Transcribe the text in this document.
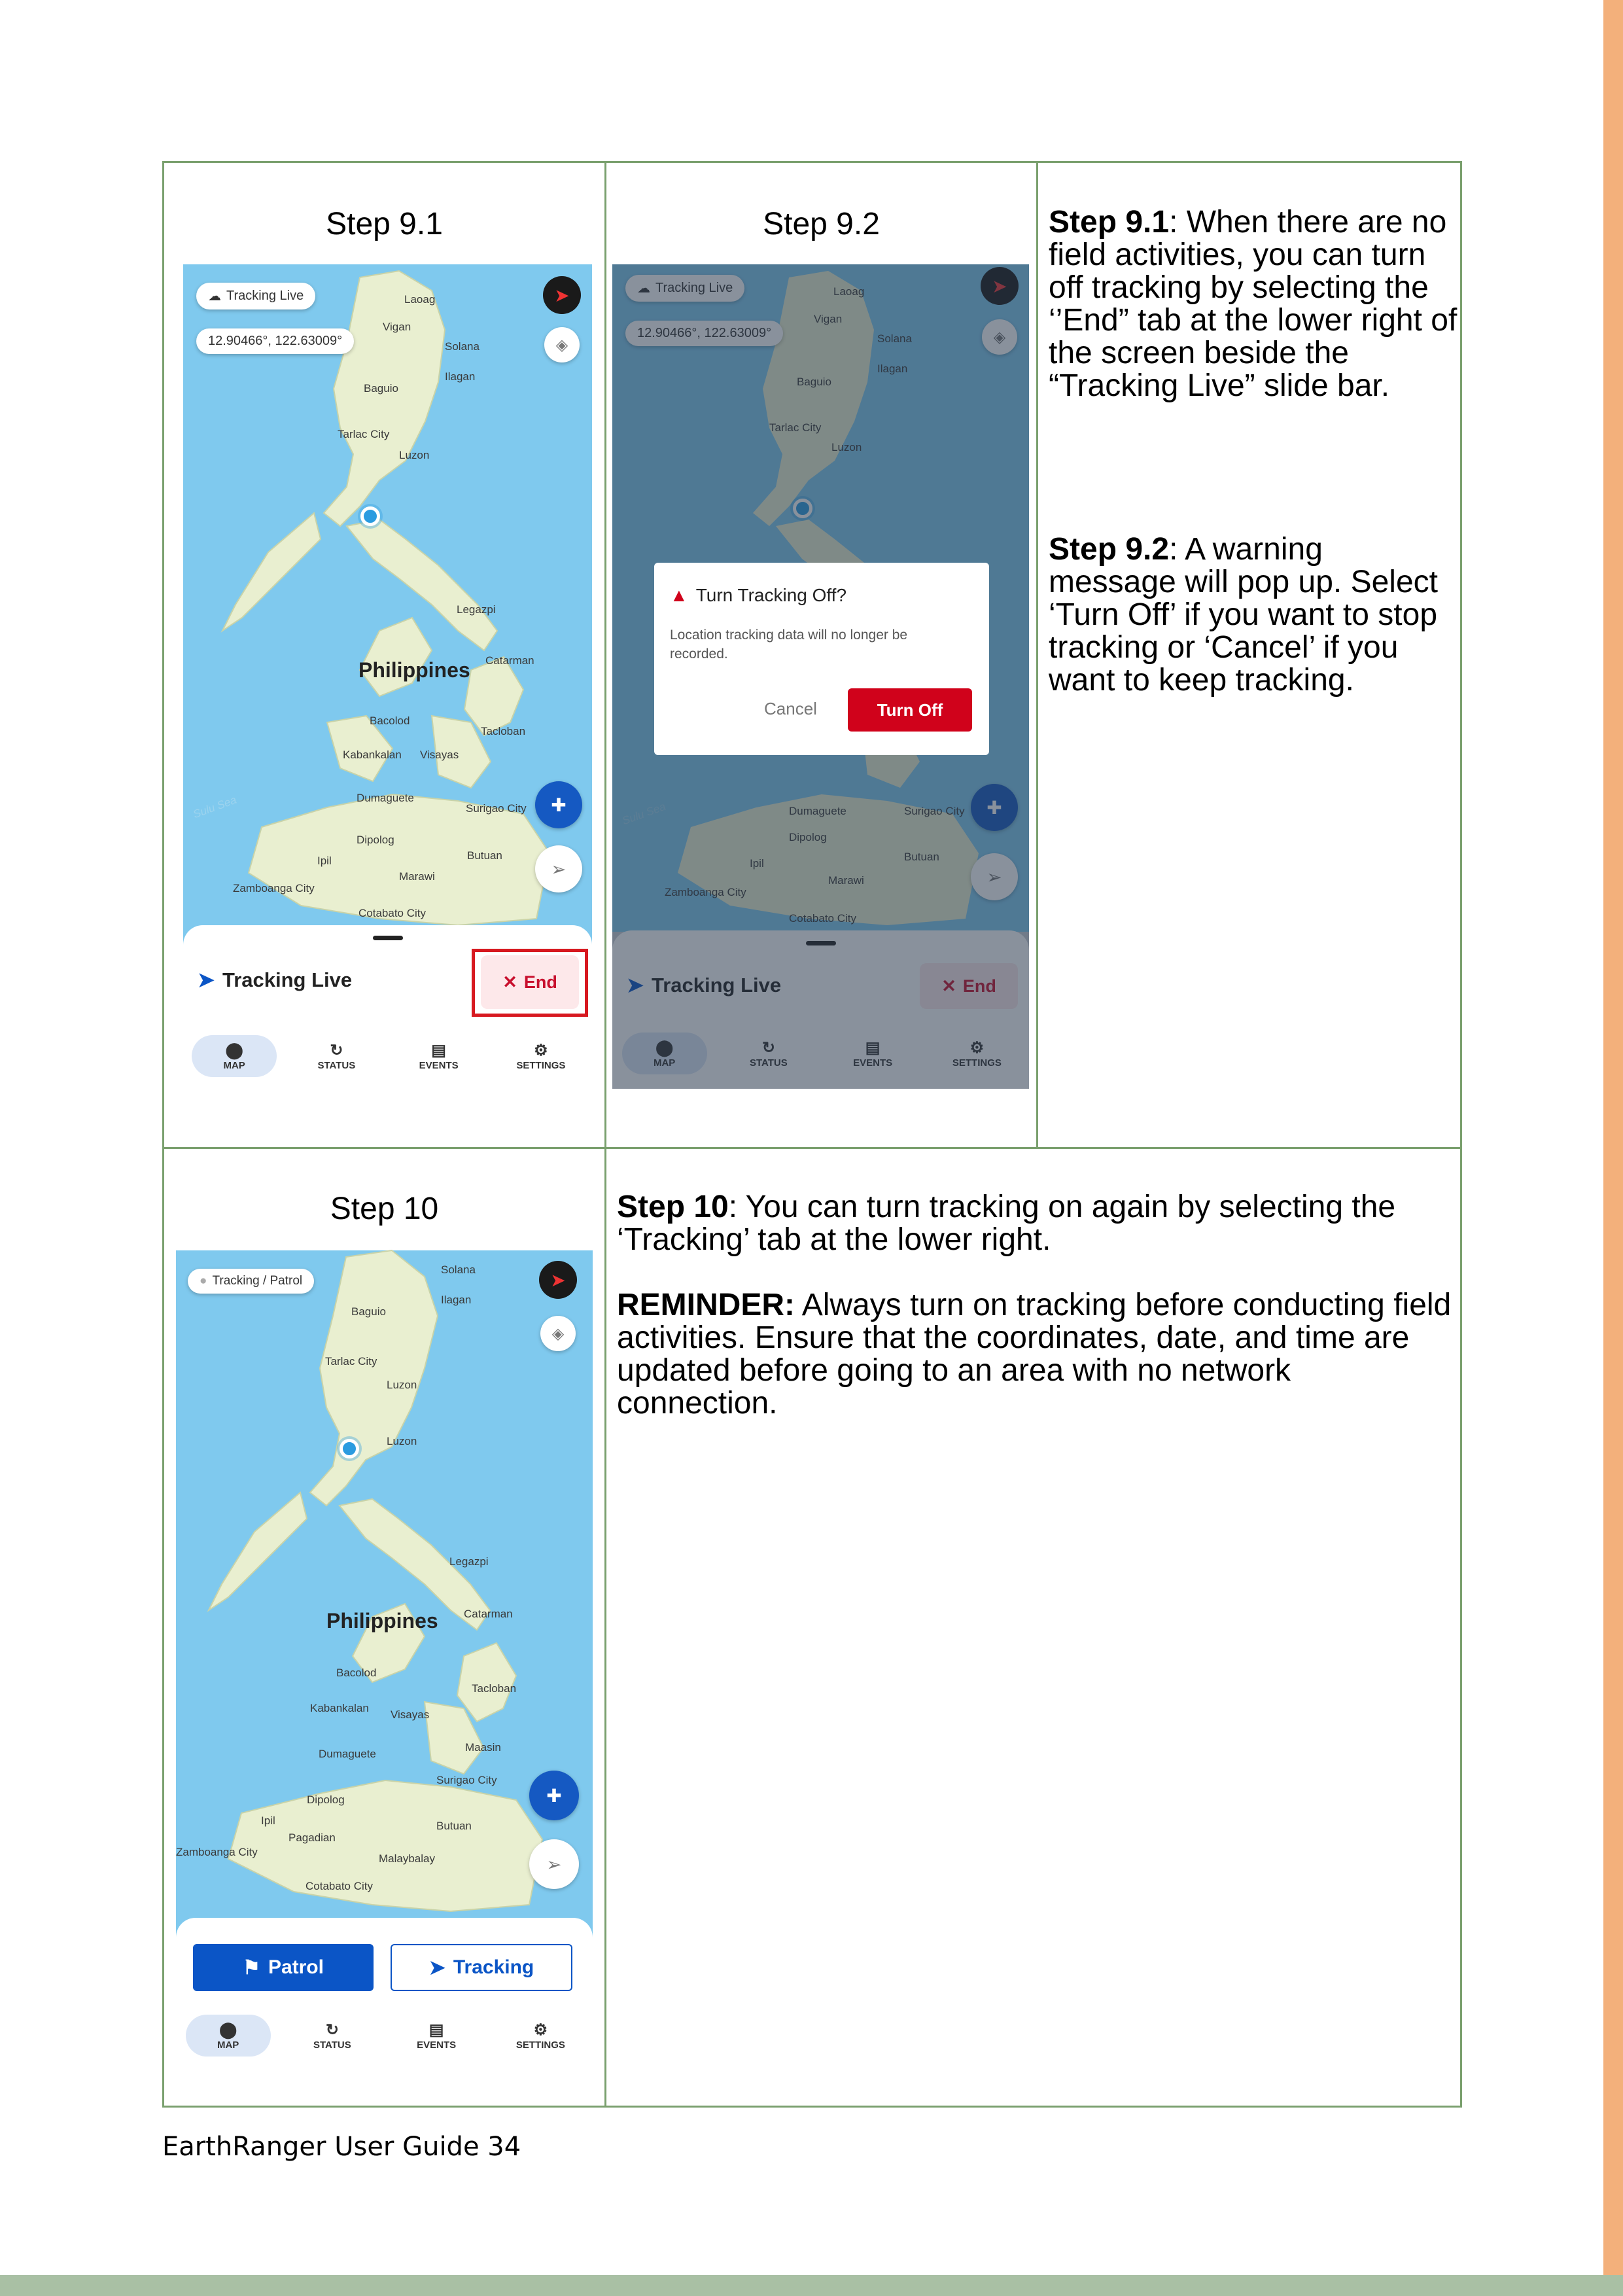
Step 9.1
Laoag
Vigan
Solana
Ilagan
Baguio
Tarlac City
Luzon
Legazpi
Philippines Catarman
Bacolod
Tacloban
Kabankalan Visayas
Dumaguete
Surigao City
Dipolog
Ipil
Marawi
Butuan
Zamboanga City
Cotabato City
Sulu Sea
☁ Tracking Live
12.90466°, 122.63009°
➤
◈
✚
➢
➤ Tracking Live	✕ End
⬤
MAP
↻
STATUS
▤
EVENTS
⚙
SETTINGS
Step 9.2
▲ Turn Tracking Off?
Location tracking data will no longer be recorded.
Cancel	Turn Off
Step 9.1: When there are no field activities, you can turn off tracking by selecting the ‘’End” tab at the lower right of the screen beside the “Tracking Live” slide bar.
Step 9.2: A warning message will pop up. Select ‘Turn Off’ if you want to stop tracking or ‘Cancel’ if you want to keep tracking.
Step 10
Solana
Ilagan
Baguio
Tarlac City
Luzon
Luzon
Legazpi
Philippines Catarman
Bacolod
Tacloban
Kabankalan
Visayas
Dumaguete
Maasin
Surigao City
Dipolog
Ipil
Pagadian
Butuan
Zamboanga City
Malaybalay
Cotabato City
● Tracking / Patrol	➤
◈
✚
➢
⚑ Patrol	➤ Tracking
⬤
MAP
↻
STATUS
▤
EVENTS
⚙
SETTINGS
Step 10: You can turn tracking on again by selecting the ‘Tracking’ tab at the lower right.
REMINDER: Always turn on tracking before conducting field activities. Ensure that the coordinates, date, and time are updated before going to an area with no network connection.
EarthRanger User Guide 34
